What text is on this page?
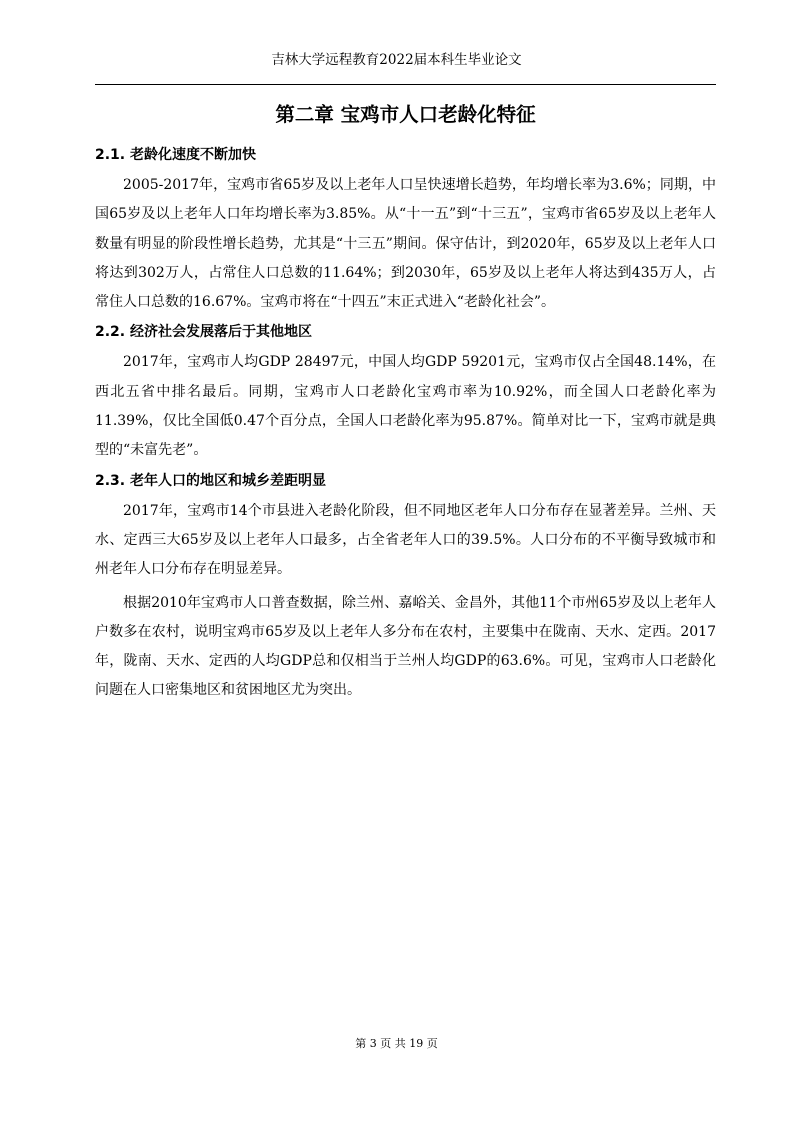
吉林大学远程教育2022届本科生毕业论文
第二章 宝鸡市人口老龄化特征
2.1. 老龄化速度不断加快

2005-2017年，宝鸡市省65岁及以上老年人口呈快速增长趋势，年均增长率为3.6%；同期，中国65岁及以上老年人口年均增长率为3.85%。从“十一五”到“十三五”，宝鸡市省65岁及以上老年人数量有明显的阶段性增长趋势，尤其是“十三五”期间。保守估计，到2020年，65岁及以上老年人口将达到302万人，占常住人口总数的11.64%；到2030年，65岁及以上老年人将达到435万人，占常住人口总数的16.67%。宝鸡市将在“十四五”末正式进入“老龄化社会”。

2.2. 经济社会发展落后于其他地区

2017年，宝鸡市人均GDP 28497元，中国人均GDP 59201元，宝鸡市仅占全国48.14%，在西北五省中排名最后。同期，宝鸡市人口老龄化宝鸡市率为10.92%，而全国人口老龄化率为11.39%，仅比全国低0.47个百分点，全国人口老龄化率为95.87%。简单对比一下，宝鸡市就是典型的“未富先老”。

2.3. 老年人口的地区和城乡差距明显

2017年，宝鸡市14个市县进入老龄化阶段，但不同地区老年人口分布存在显著差异。兰州、天水、定西三大65岁及以上老年人口最多，占全省老年人口的39.5%。人口分布的不平衡导致城市和州老年人口分布存在明显差异。

根据2010年宝鸡市人口普查数据，除兰州、嘉峪关、金昌外，其他11个市州65岁及以上老年人户数多在农村，说明宝鸡市65岁及以上老年人多分布在农村，主要集中在陇南、天水、定西。2017年，陇南、天水、定西的人均GDP总和仅相当于兰州人均GDP的63.6%。可见，宝鸡市人口老龄化问题在人口密集地区和贫困地区尤为突出。

第 3 页 共 19 页
